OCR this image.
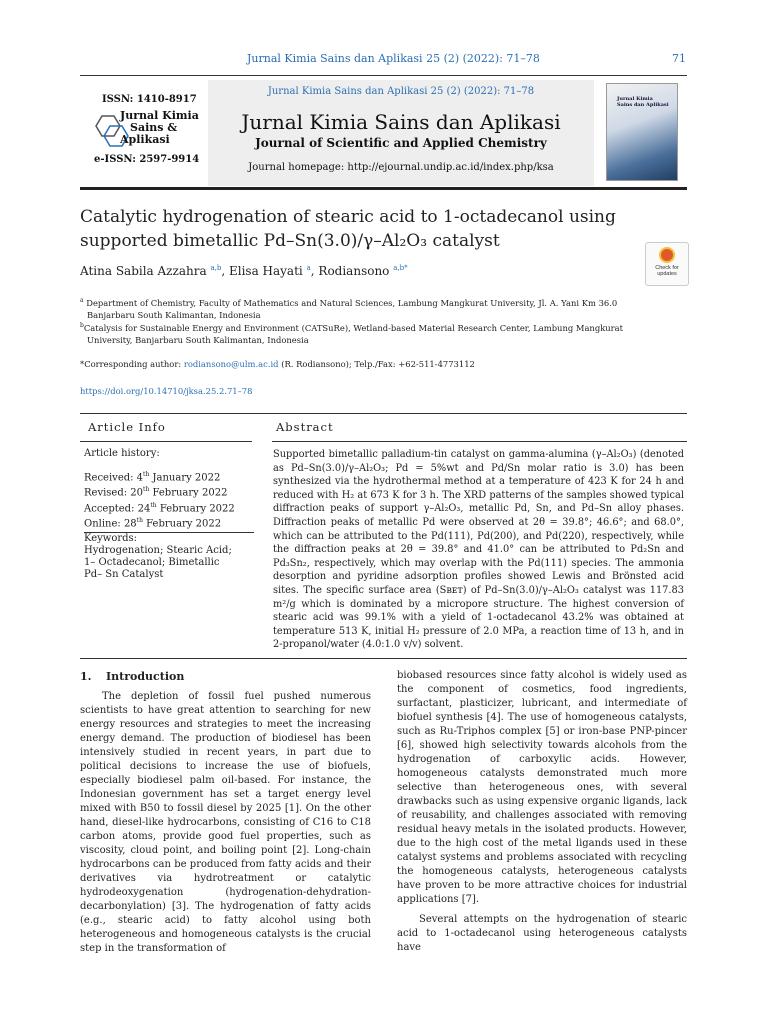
Jurnal Kimia Sains dan Aplikasi 25 (2) (2022): 71–78	71
ISSN: 1410-8917
Jurnal Kimia
Sains &
Aplikasi
e-ISSN: 2597-9914
Jurnal Kimia Sains dan Aplikasi 25 (2) (2022): 71–78
Jurnal Kimia Sains dan Aplikasi
Journal of Scientific and Applied Chemistry
Journal homepage: http://ejournal.undip.ac.id/index.php/ksa
Jurnal Kimia
Sains dan Aplikasi
Catalytic hydrogenation of stearic acid to 1-octadecanol using
supported bimetallic Pd–Sn(3.0)/γ–Al₂O₃ catalyst
Check for
updates
Atina Sabila Azzahra $^{a,b}$, Elisa Hayati $^a$, Rodiansono $^{a,b*}$
$^a$ Department of Chemistry, Faculty of Mathematics and Natural Sciences, Lambung Mangkurat University, Jl. A. Yani Km 36.0
Banjarbaru South Kalimantan, Indonesia
$^b$Catalysis for Sustainable Energy and Environment (CATSuRe), Wetland-based Material Research Center, Lambung Mangkurat
University, Banjarbaru South Kalimantan, Indonesia
*Corresponding author: rodiansono@ulm.ac.id (R. Rodiansono); Telp./Fax: +62-511-4773112
https://doi.org/10.14710/jksa.25.2.71–78
Article Info	Abstract
Article history:
Received: 4th January 2022
Revised: 20th February 2022
Accepted: 24th February 2022
Online: 28th February 2022
Keywords:
Hydrogenation; Stearic Acid;
1– Octadecanol; Bimetallic
Pd– Sn Catalyst
Supported bimetallic palladium-tin catalyst on gamma-alumina (γ–Al₂O₃) (denoted as Pd–Sn(3.0)/γ–Al₂O₃; Pd = 5%wt and Pd/Sn molar ratio is 3.0) has been synthesized via the hydrothermal method at a temperature of 423 K for 24 h and reduced with H₂ at 673 K for 3 h. The XRD patterns of the samples showed typical diffraction peaks of support γ–Al₂O₃, metallic Pd, Sn, and Pd–Sn alloy phases. Diffraction peaks of metallic Pd were observed at 2θ = 39.8°; 46.6°; and 68.0°, which can be attributed to the Pd(111), Pd(200), and Pd(220), respectively, while the diffraction peaks at 2θ = 39.8° and 41.0° can be attributed to Pd₂Sn and Pd₃Sn₂, respectively, which may overlap with the Pd(111) species. The ammonia desorption and pyridine adsorption profiles showed Lewis and Brönsted acid sites. The specific surface area (Sʙᴇᴛ) of Pd–Sn(3.0)/γ–Al₂O₃ catalyst was 117.83 m²/g which is dominated by a micropore structure. The highest conversion of stearic acid was 99.1% with a yield of 1-octadecanol 43.2% was obtained at temperature 513 K, initial H₂ pressure of 2.0 MPa, a reaction time of 13 h, and in 2-propanol/water (4.0:1.0 v/v) solvent.
1. Introduction

The depletion of fossil fuel pushed numerous scientists to have great attention to searching for new energy resources and strategies to meet the increasing energy demand. The production of biodiesel has been intensively studied in recent years, in part due to political decisions to increase the use of biofuels, especially biodiesel palm oil-based. For instance, the Indonesian government has set a target energy level mixed with B50 to fossil diesel by 2025 [1]. On the other hand, diesel-like hydrocarbons, consisting of C16 to C18 carbon atoms, provide good fuel properties, such as viscosity, cloud point, and boiling point [2]. Long-chain hydrocarbons can be produced from fatty acids and their derivatives via hydrotreatment or catalytic hydrodeoxygenation (hydrogenation-dehydration-decarbonylation) [3]. The hydrogenation of fatty acids (e.g., stearic acid) to fatty alcohol using both heterogeneous and homogeneous catalysts is the crucial step in the transformation of

biobased resources since fatty alcohol is widely used as the component of cosmetics, food ingredients, surfactant, plasticizer, lubricant, and intermediate of biofuel synthesis [4]. The use of homogeneous catalysts, such as Ru-Triphos complex [5] or iron-base PNP-pincer [6], showed high selectivity towards alcohols from the hydrogenation of carboxylic acids. However, homogeneous catalysts demonstrated much more selective than heterogeneous ones, with several drawbacks such as using expensive organic ligands, lack of reusability, and challenges associated with removing residual heavy metals in the isolated products. However, due to the high cost of the metal ligands used in these catalyst systems and problems associated with recycling the homogeneous catalysts, heterogeneous catalysts have proven to be more attractive choices for industrial applications [7].

Several attempts on the hydrogenation of stearic acid to 1-octadecanol using heterogeneous catalysts have
